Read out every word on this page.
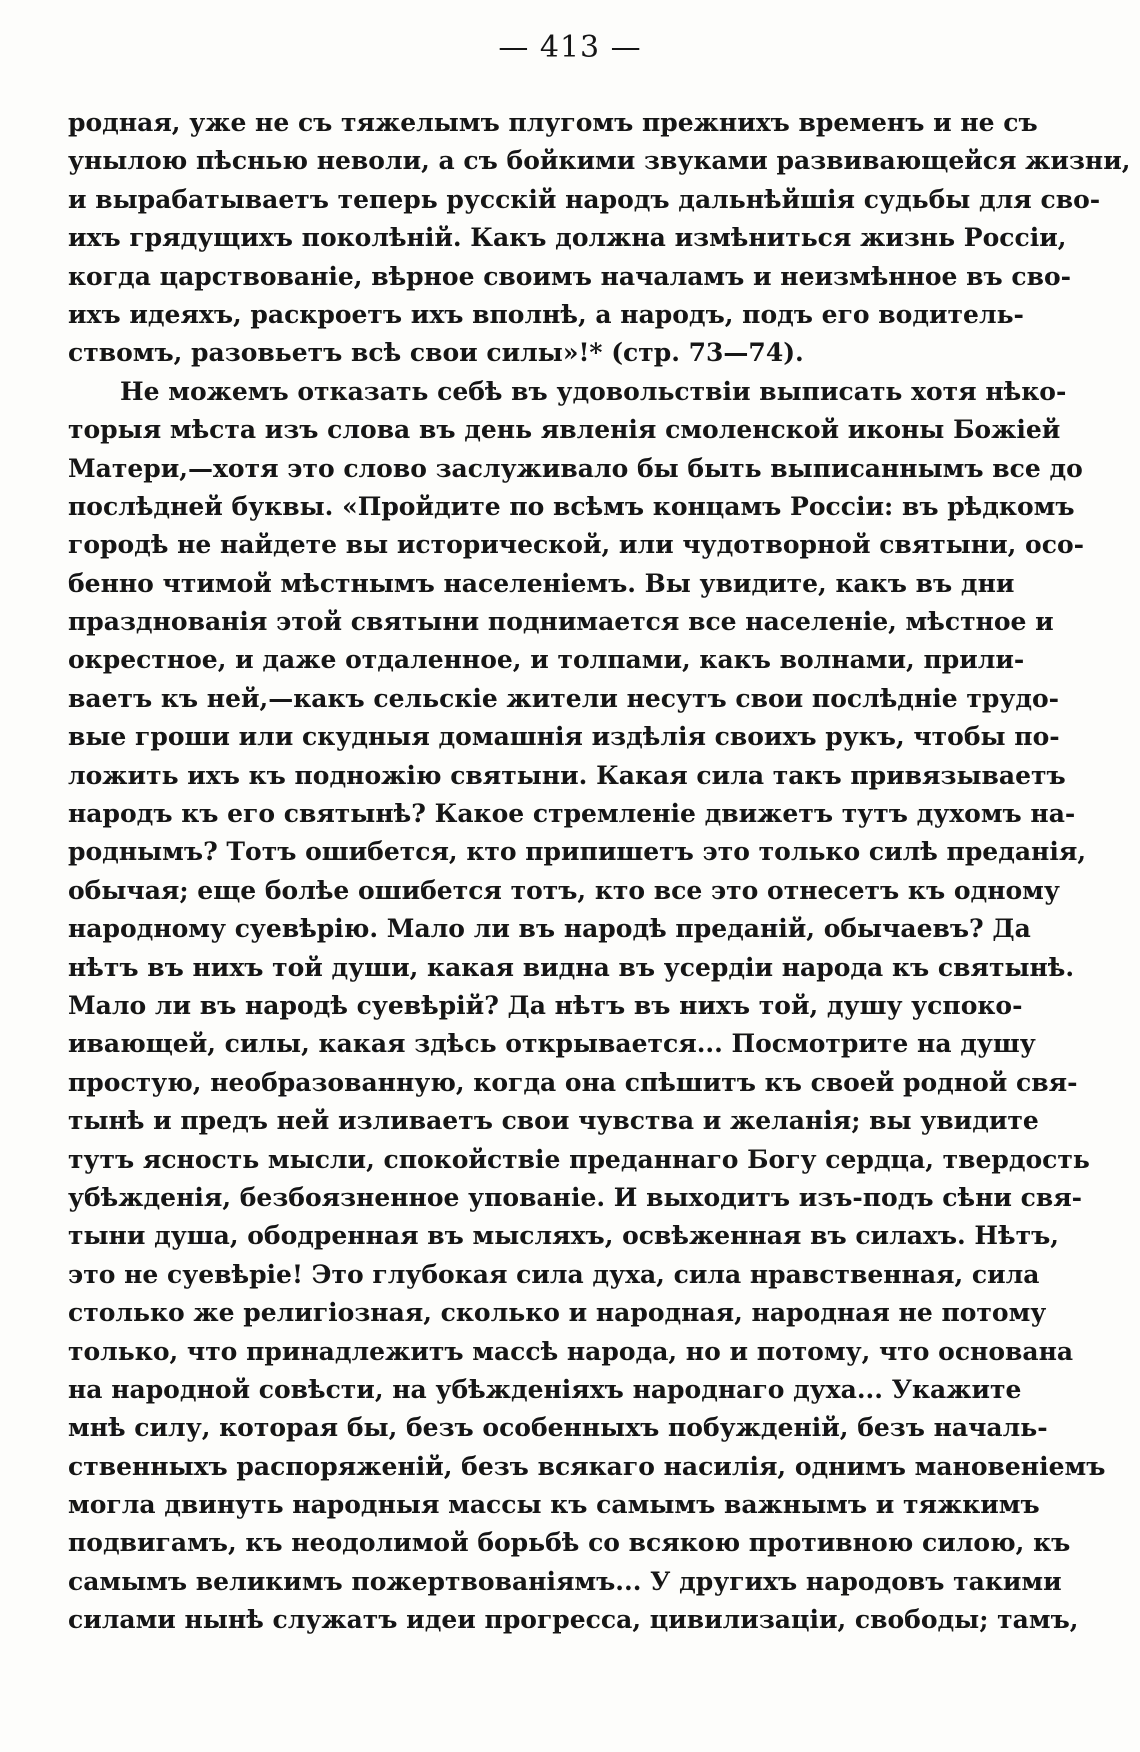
— 413 —
родная, уже не съ тяжелымъ плугомъ прежнихъ временъ и не съ
унылою пѣснью неволи, а съ бойкими звуками развивающейся жизни,
и вырабатываетъ теперь русскій народъ дальнѣйшія судьбы для сво-
ихъ грядущихъ поколѣній. Какъ должна измѣниться жизнь Россіи,
когда царствованіе, вѣрное своимъ началамъ и неизмѣнное въ сво-
ихъ идеяхъ, раскроетъ ихъ вполнѣ, а народъ, подъ его водитель-
ствомъ, разовьетъ всѣ свои силы»!* (стр. 73—74).
Не можемъ отказать себѣ въ удовольствіи выписать хотя нѣко-
торыя мѣста изъ слова въ день явленія смоленской иконы Божіей
Матери,—хотя это слово заслуживало бы быть выписаннымъ все до
послѣдней буквы. «Пройдите по всѣмъ концамъ Россіи: въ рѣдкомъ
городѣ не найдете вы исторической, или чудотворной святыни, осо-
бенно чтимой мѣстнымъ населеніемъ. Вы увидите, какъ въ дни
празднованія этой святыни поднимается все населеніе, мѣстное и
окрестное, и даже отдаленное, и толпами, какъ волнами, прили-
ваетъ къ ней,—какъ сельскіе жители несутъ свои послѣдніе трудо-
вые гроши или скудныя домашнія издѣлія своихъ рукъ, чтобы по-
ложить ихъ къ подножію святыни. Какая сила такъ привязываетъ
народъ къ его святынѣ? Какое стремленіе движетъ тутъ духомъ на-
роднымъ? Тотъ ошибется, кто припишетъ это только силѣ преданія,
обычая; еще болѣе ошибется тотъ, кто все это отнесетъ къ одному
народному суевѣрію. Мало ли въ народѣ преданій, обычаевъ? Да
нѣтъ въ нихъ той души, какая видна въ усердіи народа къ святынѣ.
Мало ли въ народѣ суевѣрій? Да нѣтъ въ нихъ той, душу успоко-
ивающей, силы, какая здѣсь открывается... Посмотрите на душу
простую, необразованную, когда она спѣшитъ къ своей родной свя-
тынѣ и предъ ней изливаетъ свои чувства и желанія; вы увидите
тутъ ясность мысли, спокойствіе преданнаго Богу сердца, твердость
убѣжденія, безбоязненное упованіе. И выходитъ изъ-подъ сѣни свя-
тыни душа, ободренная въ мысляхъ, освѣженная въ силахъ. Нѣтъ,
это не суевѣріе! Это глубокая сила духа, сила нравственная, сила
столько же религіозная, сколько и народная, народная не потому
только, что принадлежитъ массѣ народа, но и потому, что основана
на народной совѣсти, на убѣжденіяхъ народнаго духа... Укажите
мнѣ силу, которая бы, безъ особенныхъ побужденій, безъ началь-
ственныхъ распоряженій, безъ всякаго насилія, однимъ мановеніемъ
могла двинуть народныя массы къ самымъ важнымъ и тяжкимъ
подвигамъ, къ неодолимой борьбѣ со всякою противною силою, къ
самымъ великимъ пожертвованіямъ... У другихъ народовъ такими
силами нынѣ служатъ идеи прогресса, цивилизаціи, свободы; тамъ,
